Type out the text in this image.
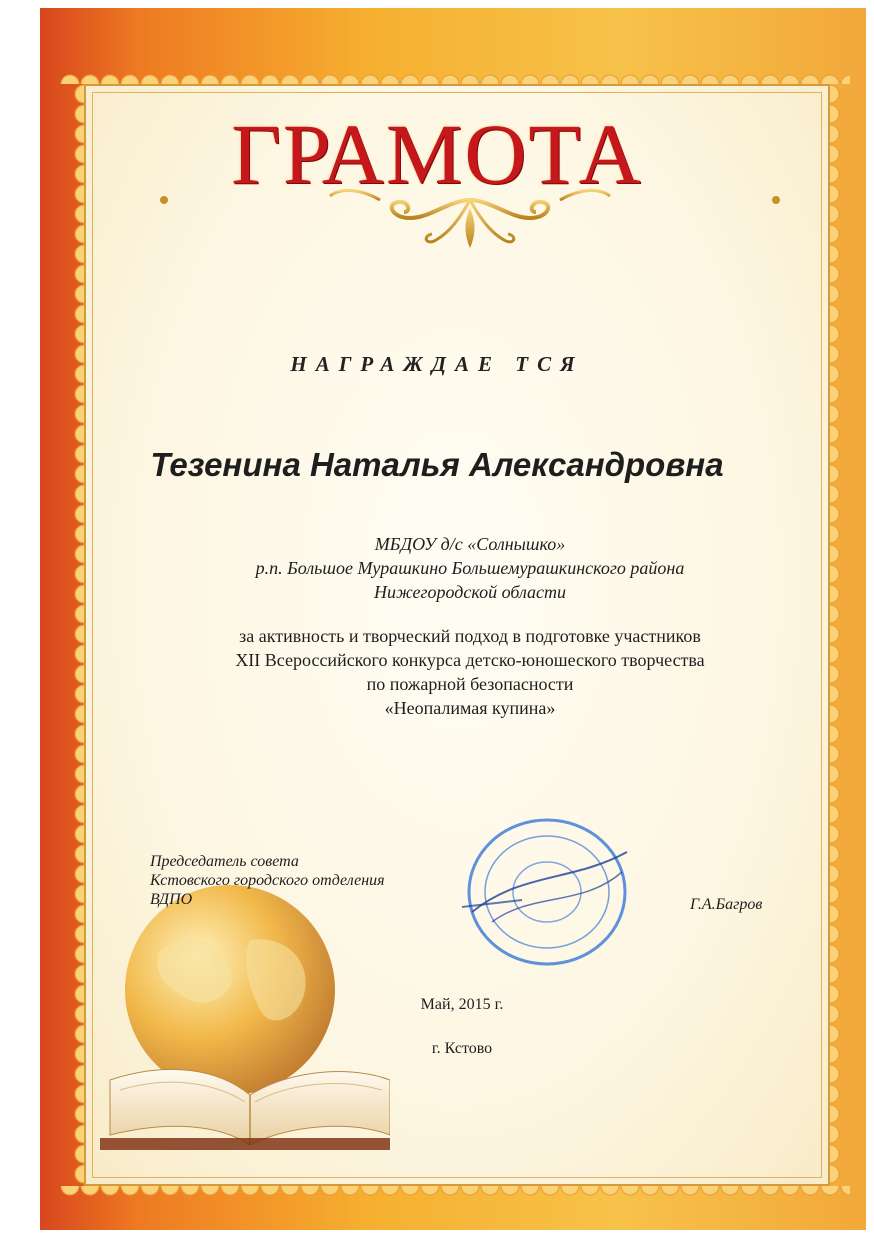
ГРАМОТА
НАГРАЖДАЕ ТСЯ
Тезенина Наталья Александровна
МБДОУ д/с «Солнышко»
р.п. Большое Мурашкино Большемурашкинского района
Нижегородской области
за активность и творческий подход в подготовке участников
XII Всероссийского конкурса детско-юношеского творчества
по пожарной безопасности
«Неопалимая купина»
Председатель совета
Кстовского городского отделения
ВДПО	Г.А.Багров
Май, 2015 г.
г. Кстово
